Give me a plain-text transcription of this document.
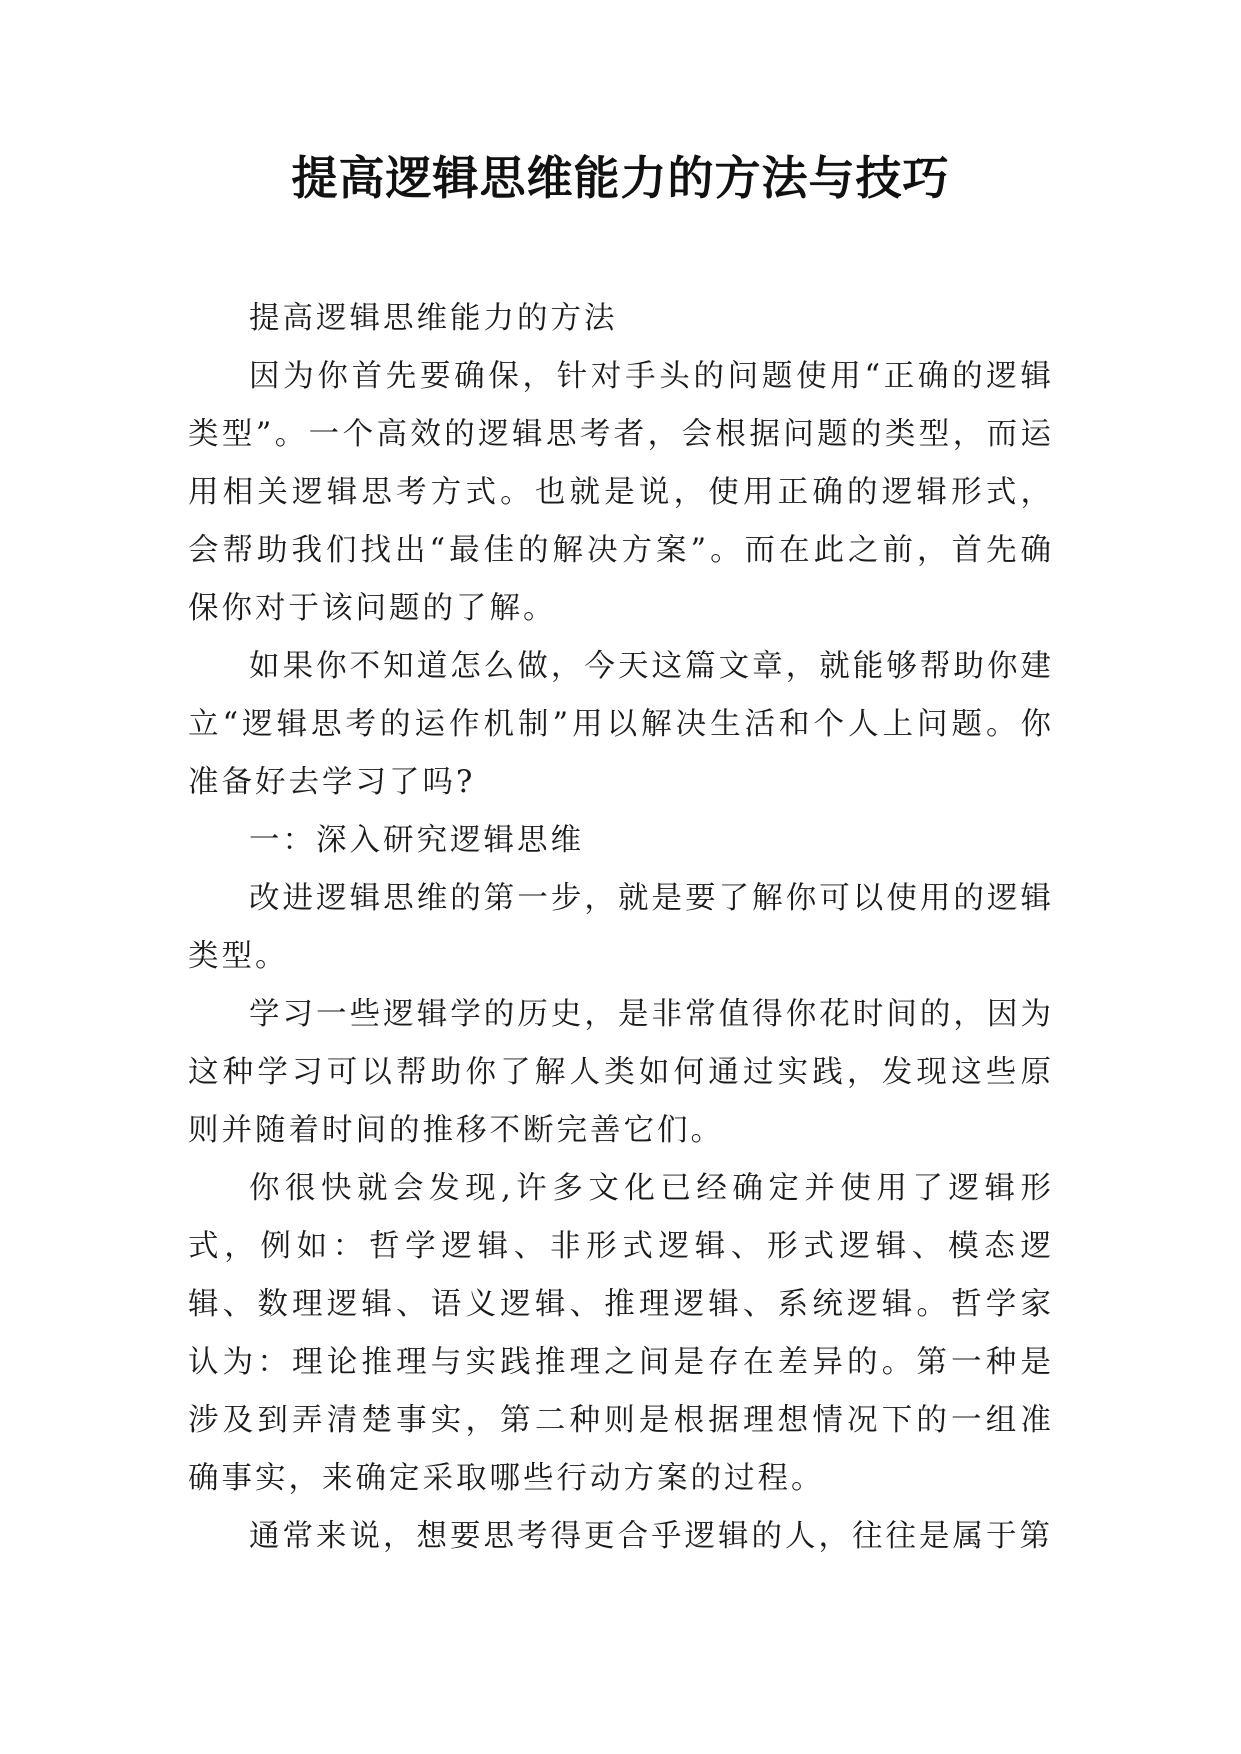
提高逻辑思维能力的方法与技巧

提高逻辑思维能力的方法

因为你首先要确保，针对手头的问题使用“正确的逻辑类型”。一个高效的逻辑思考者，会根据问题的类型，而运用相关逻辑思考方式。也就是说，使用正确的逻辑形式，会帮助我们找出“最佳的解决方案”。而在此之前，首先确保你对于该问题的了解。

如果你不知道怎么做，今天这篇文章，就能够帮助你建立“逻辑思考的运作机制”用以解决生活和个人上问题。你准备好去学习了吗?

一：深入研究逻辑思维

改进逻辑思维的第一步，就是要了解你可以使用的逻辑类型。

学习一些逻辑学的历史，是非常值得你花时间的，因为这种学习可以帮助你了解人类如何通过实践，发现这些原则并随着时间的推移不断完善它们。

你很快就会发现,许多文化已经确定并使用了逻辑形式，例如：哲学逻辑、非形式逻辑、形式逻辑、模态逻辑、数理逻辑、语义逻辑、推理逻辑、系统逻辑。哲学家认为：理论推理与实践推理之间是存在差异的。第一种是涉及到弄清楚事实，第二种则是根据理想情况下的一组准确事实，来确定采取哪些行动方案的过程。

通常来说，想要思考得更合乎逻辑的人，往往是属于第
